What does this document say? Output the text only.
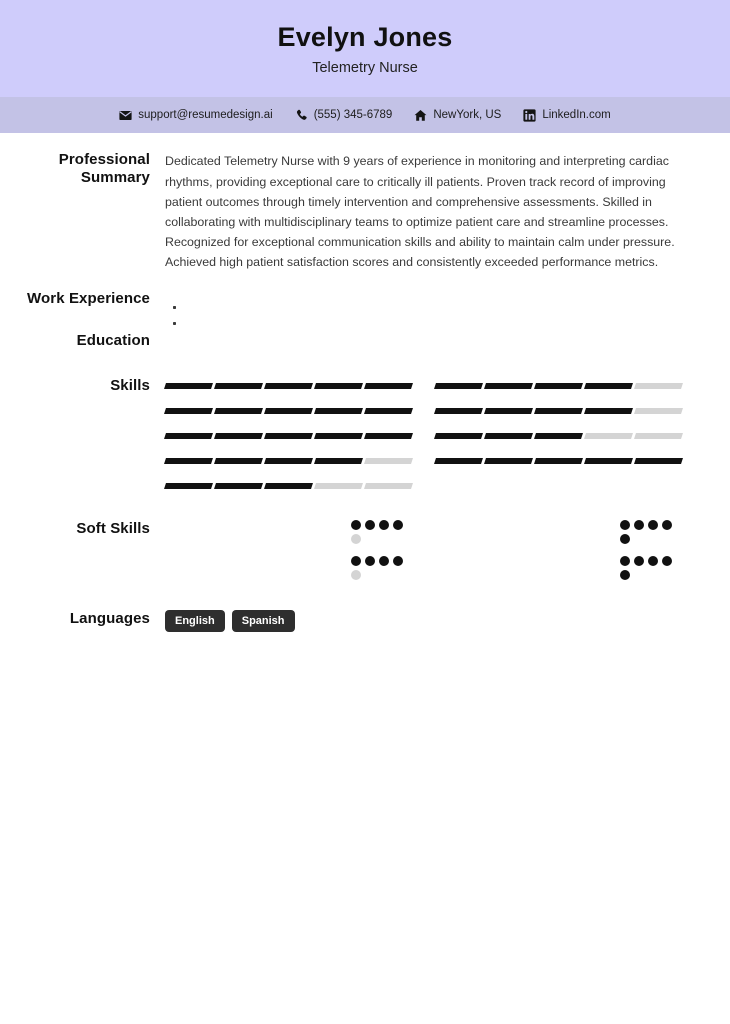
Evelyn Jones
Telemetry Nurse
support@resumedesign.ai	(555) 345-6789	NewYork, US	LinkedIn.com
Professional Summary
Dedicated Telemetry Nurse with 9 years of experience in monitoring and interpreting cardiac rhythms, providing exceptional care to critically ill patients. Proven track record of improving patient outcomes through timely intervention and comprehensive assessments. Skilled in collaborating with multidisciplinary teams to optimize patient care and streamline processes. Recognized for exceptional communication skills and ability to maintain calm under pressure. Achieved high patient satisfaction scores and consistently exceeded performance metrics.
Work Experience
Education
Skills
Soft Skills
Languages	English	Spanish
